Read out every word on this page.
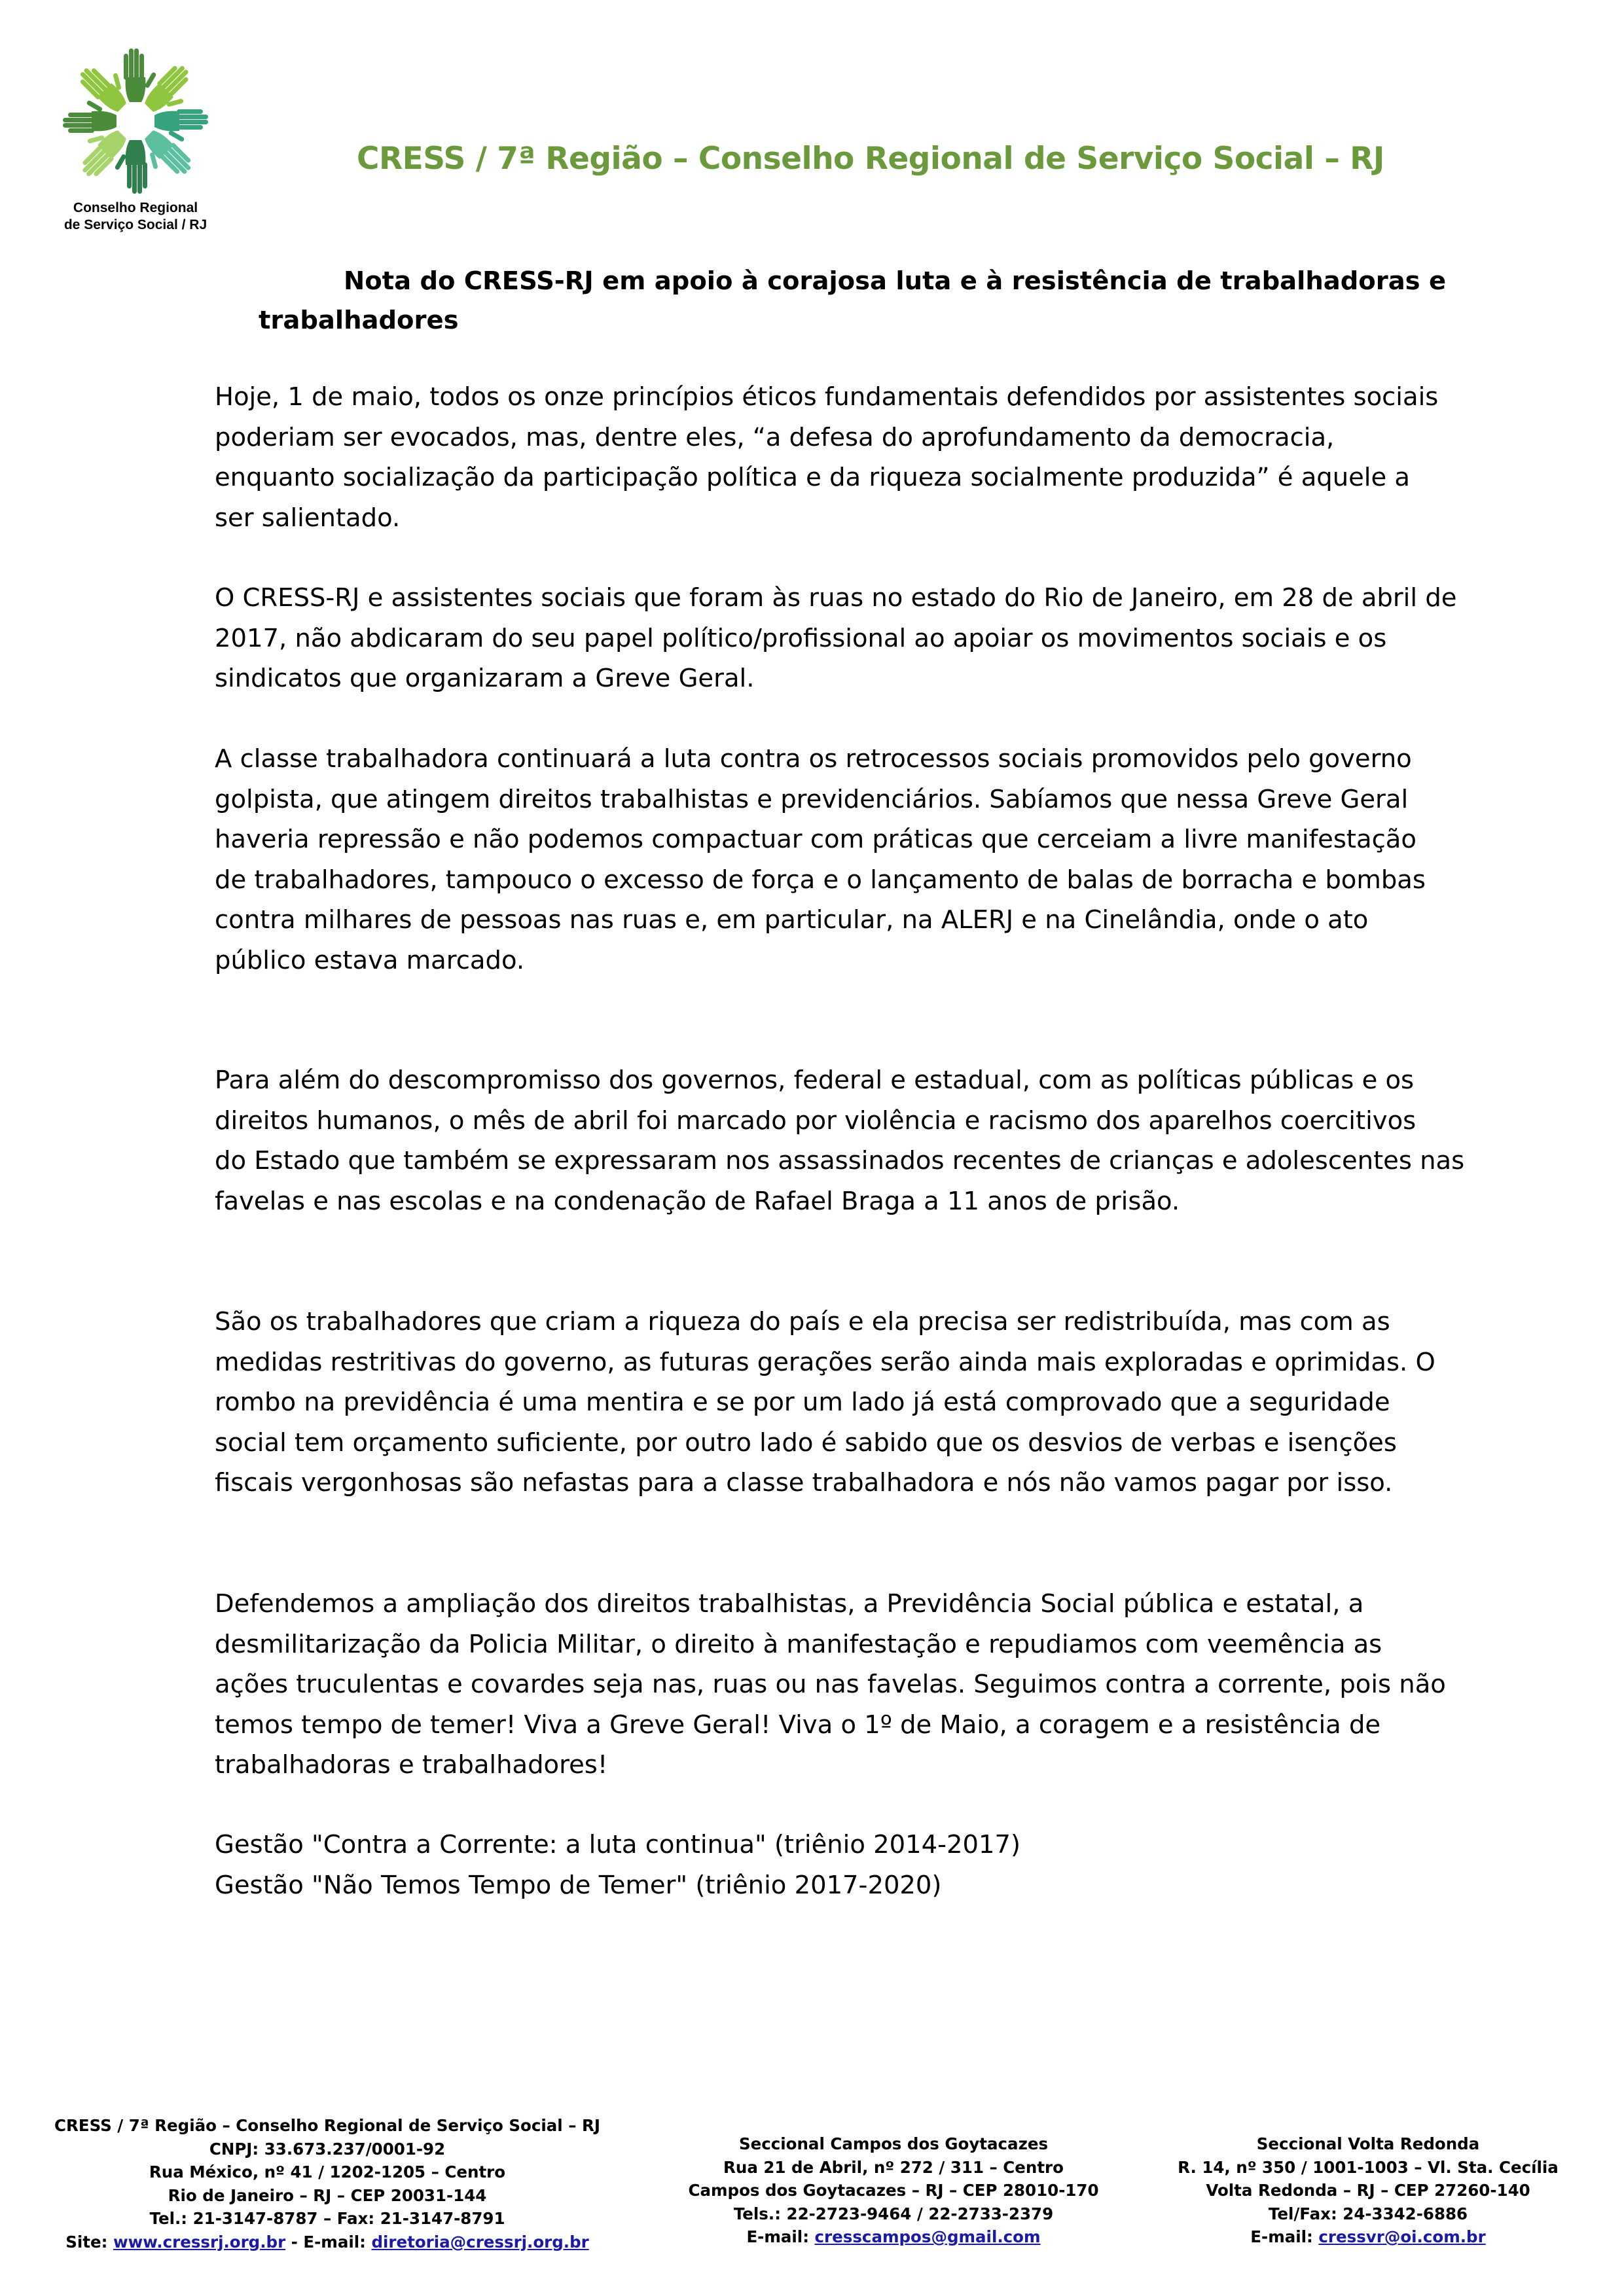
Conselho Regional
de Serviço Social / RJ
CRESS / 7ª Região – Conselho Regional de Serviço Social – RJ
Nota do CRESS-RJ em apoio à corajosa luta e à resistência de trabalhadoras e
trabalhadores
Hoje, 1 de maio, todos os onze princípios éticos fundamentais defendidos por assistentes sociais
poderiam ser evocados, mas, dentre eles, “a defesa do aprofundamento da democracia,
enquanto socialização da participação política e da riqueza socialmente produzida” é aquele a
ser salientado.
O CRESS-RJ e assistentes sociais que foram às ruas no estado do Rio de Janeiro, em 28 de abril de
2017, não abdicaram do seu papel político/profissional ao apoiar os movimentos sociais e os
sindicatos que organizaram a Greve Geral.
A classe trabalhadora continuará a luta contra os retrocessos sociais promovidos pelo governo
golpista, que atingem direitos trabalhistas e previdenciários. Sabíamos que nessa Greve Geral
haveria repressão e não podemos compactuar com práticas que cerceiam a livre manifestação
de trabalhadores, tampouco o excesso de força e o lançamento de balas de borracha e bombas
contra milhares de pessoas nas ruas e, em particular, na ALERJ e na Cinelândia, onde o ato
público estava marcado.
Para além do descompromisso dos governos, federal e estadual, com as políticas públicas e os
direitos humanos, o mês de abril foi marcado por violência e racismo dos aparelhos coercitivos
do Estado que também se expressaram nos assassinados recentes de crianças e adolescentes nas
favelas e nas escolas e na condenação de Rafael Braga a 11 anos de prisão.
São os trabalhadores que criam a riqueza do país e ela precisa ser redistribuída, mas com as
medidas restritivas do governo, as futuras gerações serão ainda mais exploradas e oprimidas. O
rombo na previdência é uma mentira e se por um lado já está comprovado que a seguridade
social tem orçamento suficiente, por outro lado é sabido que os desvios de verbas e isenções
fiscais vergonhosas são nefastas para a classe trabalhadora e nós não vamos pagar por isso.
Defendemos a ampliação dos direitos trabalhistas, a Previdência Social pública e estatal, a
desmilitarização da Policia Militar, o direito à manifestação e repudiamos com veemência as
ações truculentas e covardes seja nas, ruas ou nas favelas. Seguimos contra a corrente, pois não
temos tempo de temer! Viva a Greve Geral! Viva o 1º de Maio, a coragem e a resistência de
trabalhadoras e trabalhadores!
Gestão "Contra a Corrente: a luta continua" (triênio 2014-2017)
Gestão "Não Temos Tempo de Temer" (triênio 2017-2020)
CRESS / 7ª Região – Conselho Regional de Serviço Social – RJ
CNPJ: 33.673.237/0001-92
Rua México, nº 41 / 1202-1205 – Centro
Rio de Janeiro – RJ – CEP 20031-144
Tel.: 21-3147-8787 – Fax: 21-3147-8791
Site: www.cressrj.org.br - E-mail: diretoria@cressrj.org.br
Seccional Campos dos Goytacazes
Rua 21 de Abril, nº 272 / 311 – Centro
Campos dos Goytacazes – RJ – CEP 28010-170
Tels.: 22-2723-9464 / 22-2733-2379
E-mail: cresscampos@gmail.com
Seccional Volta Redonda
R. 14, nº 350 / 1001-1003 – Vl. Sta. Cecília
Volta Redonda – RJ – CEP 27260-140
Tel/Fax: 24-3342-6886
E-mail: cressvr@oi.com.br
